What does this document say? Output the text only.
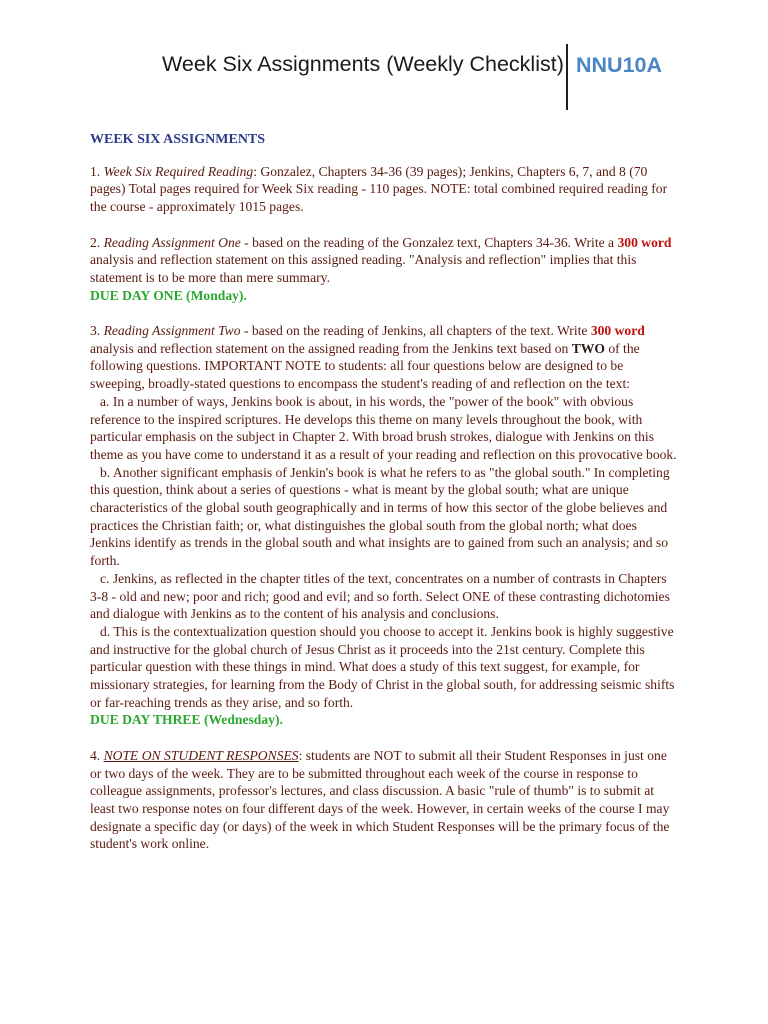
Week Six Assignments (Weekly Checklist) NNU10A

WEEK SIX ASSIGNMENTS

1. Week Six Required Reading: Gonzalez, Chapters 34-36 (39 pages); Jenkins, Chapters 6, 7, and 8 (70 pages) Total pages required for Week Six reading - 110 pages. NOTE: total combined required reading for the course - approximately 1015 pages.

2. Reading Assignment One - based on the reading of the Gonzalez text, Chapters 34-36. Write a 300 word analysis and reflection statement on this assigned reading. "Analysis and reflection" implies that this statement is to be more than mere summary.

DUE DAY ONE (Monday).

3. Reading Assignment Two - based on the reading of Jenkins, all chapters of the text. Write 300 word analysis and reflection statement on the assigned reading from the Jenkins text based on TWO of the following questions. IMPORTANT NOTE to students: all four questions below are designed to be sweeping, broadly-stated questions to encompass the student's reading of and reflection on the text:

a. In a number of ways, Jenkins book is about, in his words, the "power of the book" with obvious reference to the inspired scriptures. He develops this theme on many levels throughout the book, with particular emphasis on the subject in Chapter 2. With broad brush strokes, dialogue with Jenkins on this theme as you have come to understand it as a result of your reading and reflection on this provocative book.

b. Another significant emphasis of Jenkin's book is what he refers to as "the global south." In completing this question, think about a series of questions - what is meant by the global south; what are unique characteristics of the global south geographically and in terms of how this sector of the globe believes and practices the Christian faith; or, what distinguishes the global south from the global north; what does Jenkins identify as trends in the global south and what insights are to gained from such an analysis; and so forth.

c. Jenkins, as reflected in the chapter titles of the text, concentrates on a number of contrasts in Chapters 3-8 - old and new; poor and rich; good and evil; and so forth. Select ONE of these contrasting dichotomies and dialogue with Jenkins as to the content of his analysis and conclusions.

d. This is the contextualization question should you choose to accept it. Jenkins book is highly suggestive and instructive for the global church of Jesus Christ as it proceeds into the 21st century. Complete this particular question with these things in mind. What does a study of this text suggest, for example, for missionary strategies, for learning from the Body of Christ in the global south, for addressing seismic shifts or far-reaching trends as they arise, and so forth.

DUE DAY THREE (Wednesday).

4. NOTE ON STUDENT RESPONSES: students are NOT to submit all their Student Responses in just one or two days of the week. They are to be submitted throughout each week of the course in response to colleague assignments, professor's lectures, and class discussion. A basic "rule of thumb" is to submit at least two response notes on four different days of the week. However, in certain weeks of the course I may designate a specific day (or days) of the week in which Student Responses will be the primary focus of the student's work online.
